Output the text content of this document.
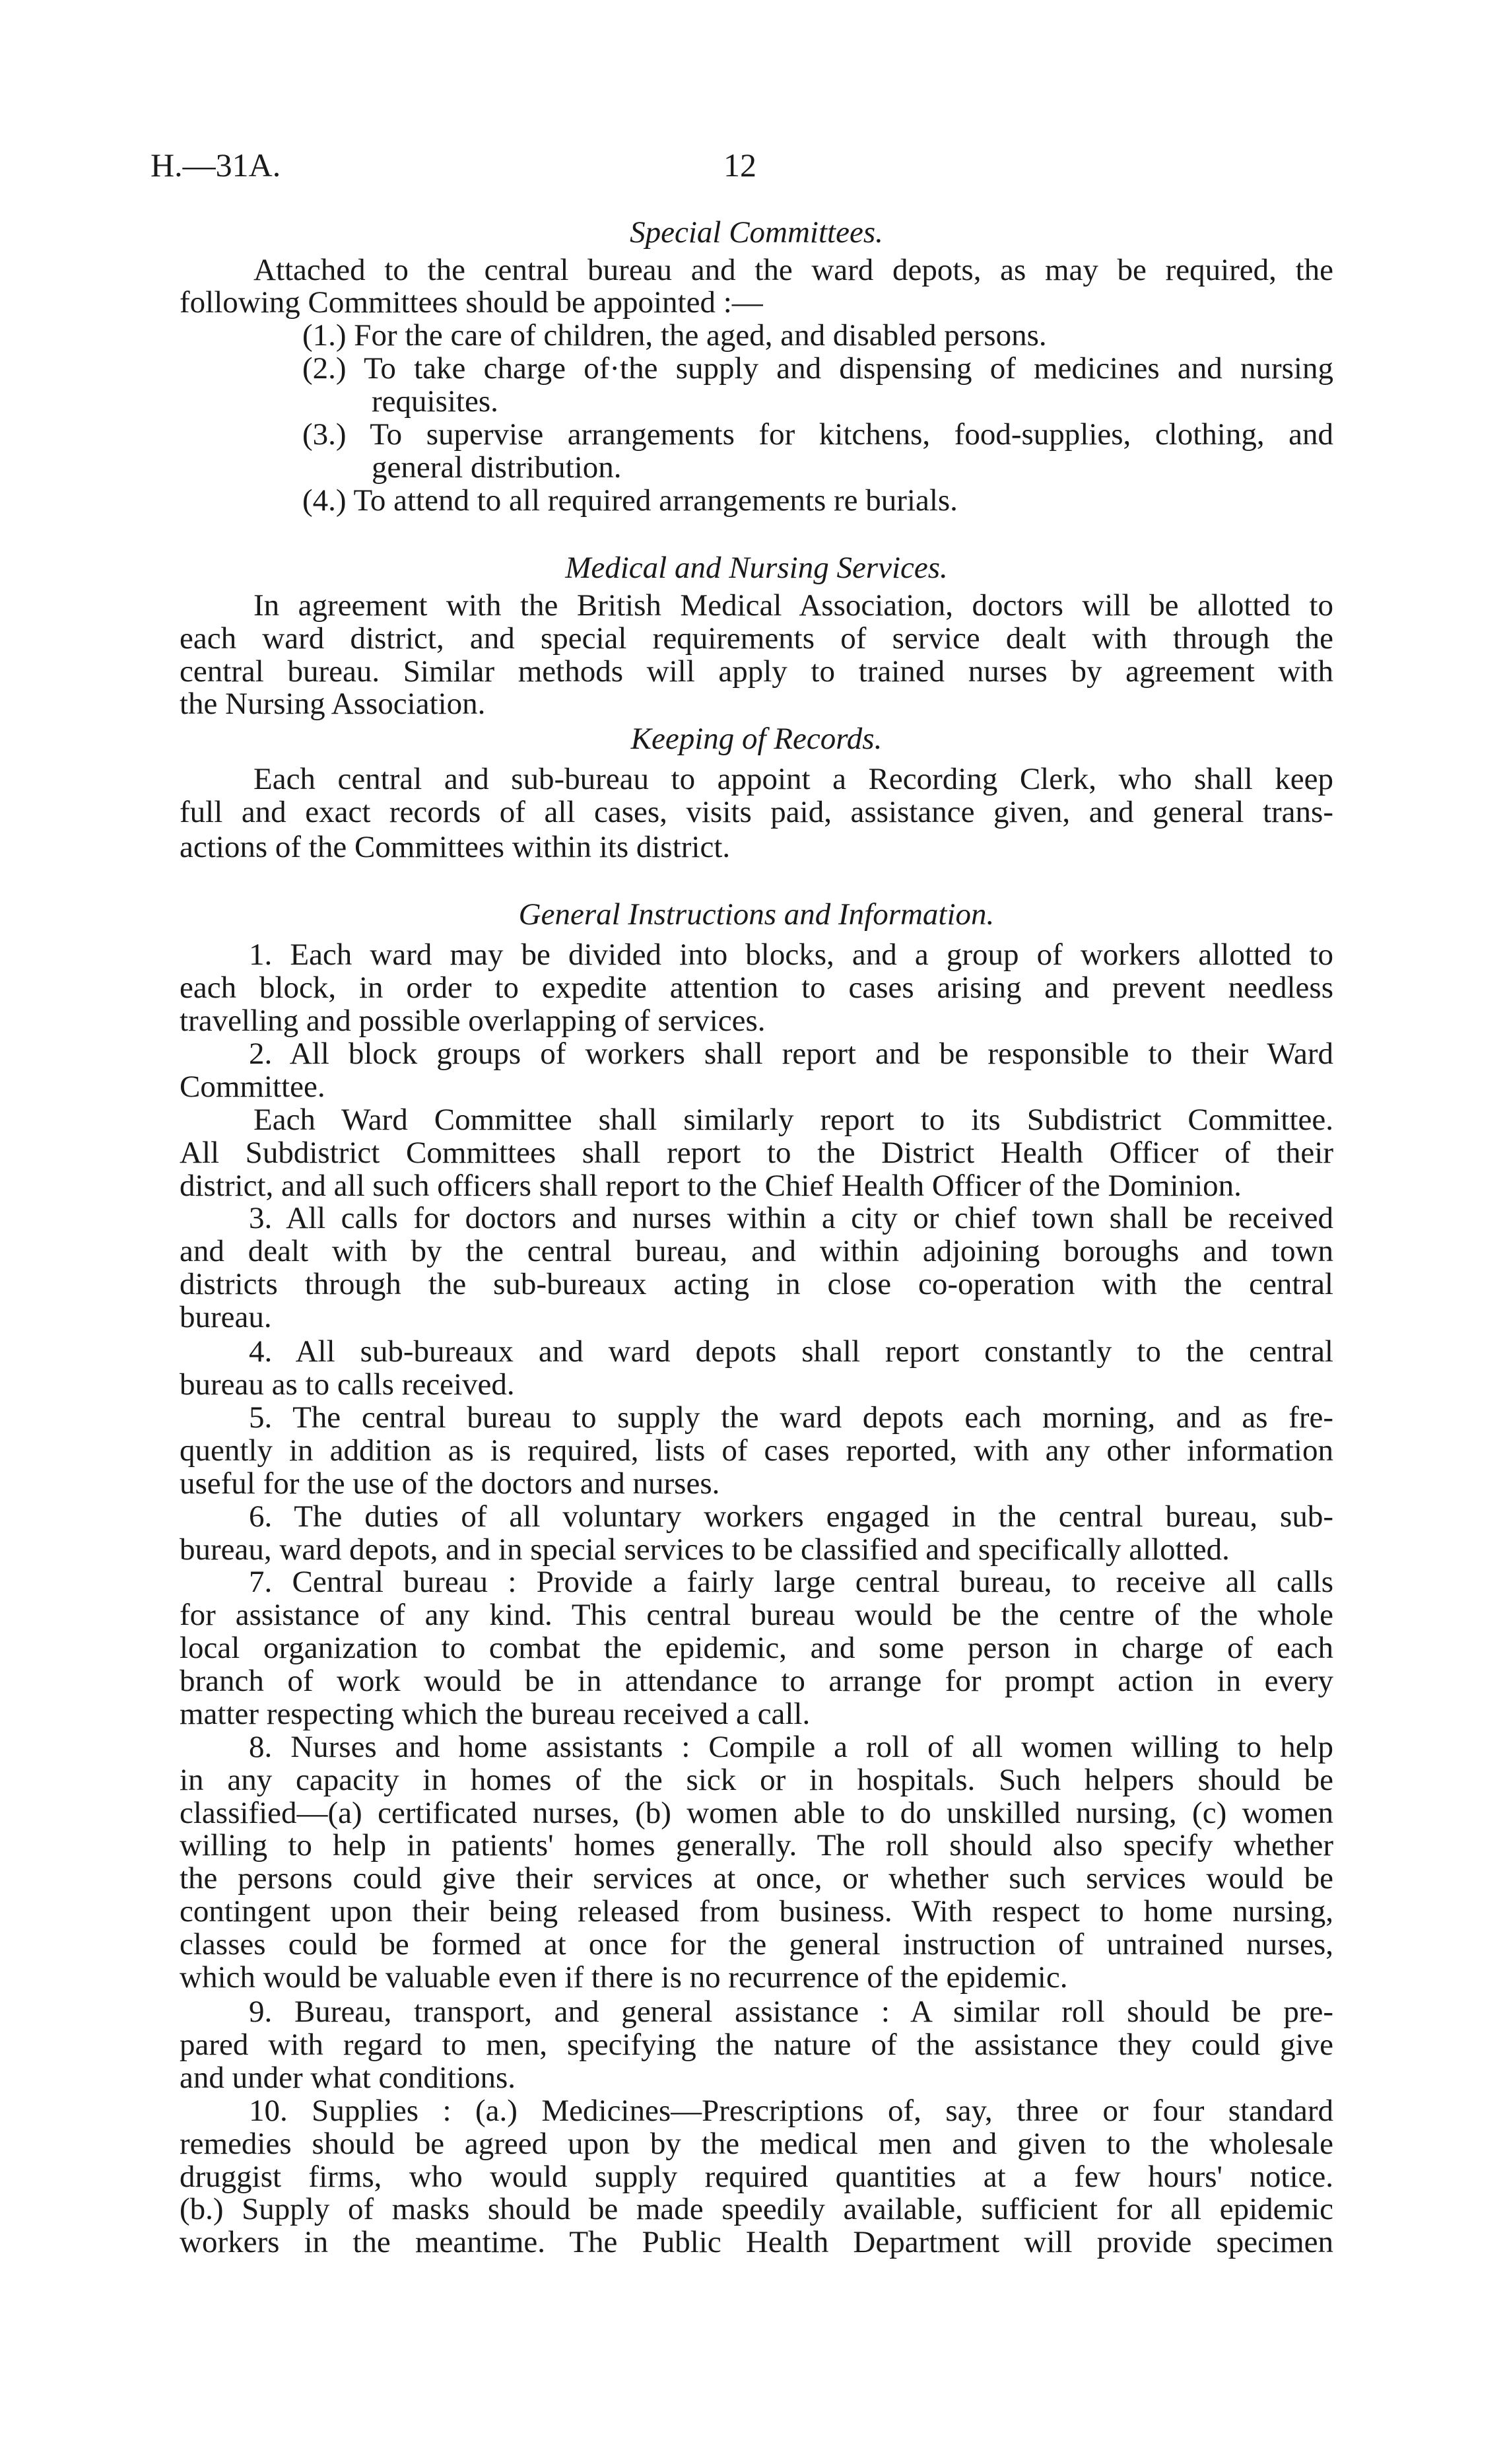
H.—31A.	12
Special Committees.
Attached to the central bureau and the ward depots, as may be required, the
following Committees should be appointed :—
(1.) For the care of children, the aged, and disabled persons.
(2.) To take charge of·the supply and dispensing of medicines and nursing
requisites.
(3.) To supervise arrangements for kitchens, food-supplies, clothing, and
general distribution.
(4.) To attend to all required arrangements re burials.
Medical and Nursing Services.
In agreement with the British Medical Association, doctors will be allotted to
each ward district, and special requirements of service dealt with through the
central bureau. Similar methods will apply to trained nurses by agreement with
the Nursing Association.
Keeping of Records.
Each central and sub-bureau to appoint a Recording Clerk, who shall keep
full and exact records of all cases, visits paid, assistance given, and general trans-
actions of the Committees within its district.
General Instructions and Information.
1. Each ward may be divided into blocks, and a group of workers allotted to
each block, in order to expedite attention to cases arising and prevent needless
travelling and possible overlapping of services.
2. All block groups of workers shall report and be responsible to their Ward
Committee.
Each Ward Committee shall similarly report to its Subdistrict Committee.
All Subdistrict Committees shall report to the District Health Officer of their
district, and all such officers shall report to the Chief Health Officer of the Dominion.
3. All calls for doctors and nurses within a city or chief town shall be received
and dealt with by the central bureau, and within adjoining boroughs and town
districts through the sub-bureaux acting in close co-operation with the central
bureau.
4. All sub-bureaux and ward depots shall report constantly to the central
bureau as to calls received.
5. The central bureau to supply the ward depots each morning, and as fre-
quently in addition as is required, lists of cases reported, with any other information
useful for the use of the doctors and nurses.
6. The duties of all voluntary workers engaged in the central bureau, sub-
bureau, ward depots, and in special services to be classified and specifically allotted.
7. Central bureau : Provide a fairly large central bureau, to receive all calls
for assistance of any kind. This central bureau would be the centre of the whole
local organization to combat the epidemic, and some person in charge of each
branch of work would be in attendance to arrange for prompt action in every
matter respecting which the bureau received a call.
8. Nurses and home assistants : Compile a roll of all women willing to help
in any capacity in homes of the sick or in hospitals. Such helpers should be
classified—(a) certificated nurses, (b) women able to do unskilled nursing, (c) women
willing to help in patients' homes generally. The roll should also specify whether
the persons could give their services at once, or whether such services would be
contingent upon their being released from business. With respect to home nursing,
classes could be formed at once for the general instruction of untrained nurses,
which would be valuable even if there is no recurrence of the epidemic.
9. Bureau, transport, and general assistance : A similar roll should be pre-
pared with regard to men, specifying the nature of the assistance they could give
and under what conditions.
10. Supplies : (a.) Medicines—Prescriptions of, say, three or four standard
remedies should be agreed upon by the medical men and given to the wholesale
druggist firms, who would supply required quantities at a few hours' notice.
(b.) Supply of masks should be made speedily available, sufficient for all epidemic
workers in the meantime. The Public Health Department will provide specimen
